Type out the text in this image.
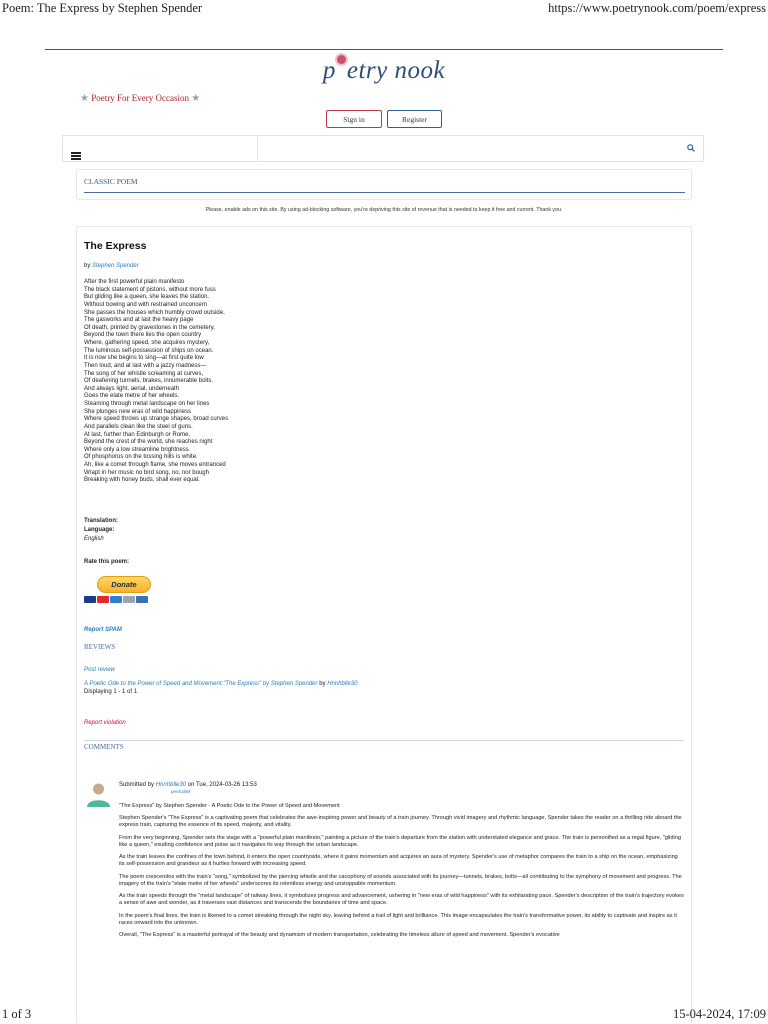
Poem: The Express by Stephen Spender	https://www.poetrynook.com/poem/express
p etry nook
★ Poetry For Every Occasion ★
Sign in	Register
CLASSIC POEM
Please, enable ads on this site. By using ad-blocking software, you're depriving this site of revenue that is needed to keep it free and current. Thank you.
The Express
by Stephen Spender
After the first powerful plain manifesto
The black statement of pistons, without more fuss
But gliding like a queen, she leaves the station.
Without bowing and with restrained unconcern
She passes the houses which humbly crowd outside,
The gasworks and at last the heavy page
Of death, printed by gravestones in the cemetery.
Beyond the town there lies the open country
Where, gathering speed, she acquires mystery,
The luminous self-possession of ships on ocean.
It is now she begins to sing—at first quite low
Then loud, and at last with a jazzy madness—
The song of her whistle screaming at curves,
Of deafening tunnels, brakes, innumerable bolts.
And always light, aerial, underneath
Goes the elate metre of her wheels.
Steaming through metal landscape on her lines
She plunges new eras of wild happiness
Where speed throws up strange shapes, broad curves
And parallels clean like the steel of guns.
At last, further than Edinburgh or Rome,
Beyond the crest of the world, she reaches night
Where only a low streamline brightness
Of phosphorus on the tossing hills is white.
Ah, like a comet through flame, she moves entranced
Wrapt in her music no bird song, no, nor bough
Breaking with honey buds, shall ever equal.
Translation:
Language:
English
Rate this poem:
Donate
Report SPAM
REVIEWS
Post review
A Poetic Ode to the Power of Speed and Movement:"The Express" by Stephen Spender by Hnnhblle30
Displaying 1 - 1 of 1
Report violation
COMMENTS
Submitted by Hnnhblle30 on Tue, 2024-03-26 13:53
permalink

"The Express" by Stephen Spender - A Poetic Ode to the Power of Speed and Movement

Stephen Spender's "The Express" is a captivating poem that celebrates the awe-inspiring power and beauty of a train journey. Through vivid imagery and rhythmic language, Spender takes the reader on a thrilling ride aboard the express train, capturing the essence of its speed, majesty, and vitality.

From the very beginning, Spender sets the stage with a "powerful plain manifesto," painting a picture of the train's departure from the station with understated elegance and grace. The train is personified as a regal figure, "gliding like a queen," exuding confidence and poise as it navigates its way through the urban landscape.

As the train leaves the confines of the town behind, it enters the open countryside, where it gains momentum and acquires an aura of mystery. Spender's use of metaphor compares the train to a ship on the ocean, emphasizing its self-possession and grandeur as it hurtles forward with increasing speed.

The poem crescendos with the train's "song," symbolized by the piercing whistle and the cacophony of sounds associated with its journey—tunnels, brakes, bolts—all contributing to the symphony of movement and progress. The imagery of the train's "elate metre of her wheels" underscores its relentless energy and unstoppable momentum.

As the train speeds through the "metal landscape" of railway lines, it symbolizes progress and advancement, ushering in "new eras of wild happiness" with its exhilarating pace. Spender's description of the train's trajectory evokes a sense of awe and wonder, as it traverses vast distances and transcends the boundaries of time and space.

In the poem's final lines, the train is likened to a comet streaking through the night sky, leaving behind a trail of light and brilliance. This image encapsulates the train's transformative power, its ability to captivate and inspire as it races onward into the unknown.

Overall, "The Express" is a masterful portrayal of the beauty and dynamism of modern transportation, celebrating the timeless allure of speed and movement. Spender's evocative

1 of 3	15-04-2024, 17:09
